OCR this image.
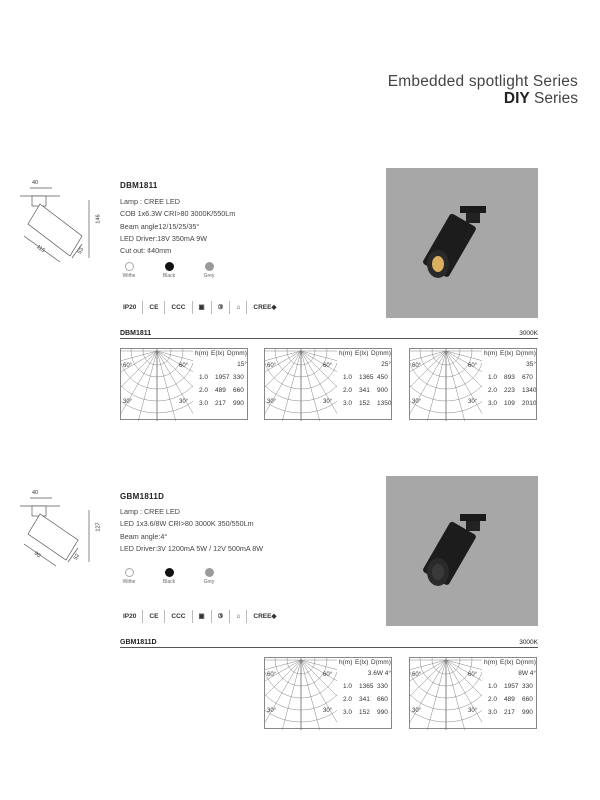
Embedded spotlight Series
DIY Series
40
146
115	53
DBM1811
Lamp : CREE LED
COB 1x6.3W CRI>80 3000K/550Lm
Beam angle12/15/25/35°
LED Driver:18V 350mA 9W
Cut out: ¢40mm
Withe	Black	Grey
IP20	CE	CCC	▣	③	⌂	CREE◆
DBM1811	3000K
60°	60°
30°	30°
h(m) E(lx) D(mm)
15°
1.0 1957 330
2.0 489 660
3.0 217 990
60°	60°
30°	30°
h(m) E(lx) D(mm)
25°
1.0 1365 450
2.0 341 900
3.0 152 1350
60°	60°
30°	30°
h(m) E(lx) D(mm)
35°
1.0 893 670
2.0 223 1340
3.0 109 2010
40
127
90	52
GBM1811D
Lamp : CREE LED
LED 1x3.6/8W CRI>80 3000K 350/550Lm
Beam angle:4°
LED Driver:3V 1200mA 5W / 12V 500mA 8W
Withe	Black	Grey
IP20	CE	CCC	▣	③	⌂	CREE◆
GBM1811D	3000K
60°	60°
30°	30°
h(m) E(lx) D(mm)
3.6W 4°
1.0 1365 330
2.0 341 660
3.0 152 990
60°	60°
30°	30°
h(m) E(lx) D(mm)
8W 4°
1.0 1957 330
2.0 489 660
3.0 217 990
